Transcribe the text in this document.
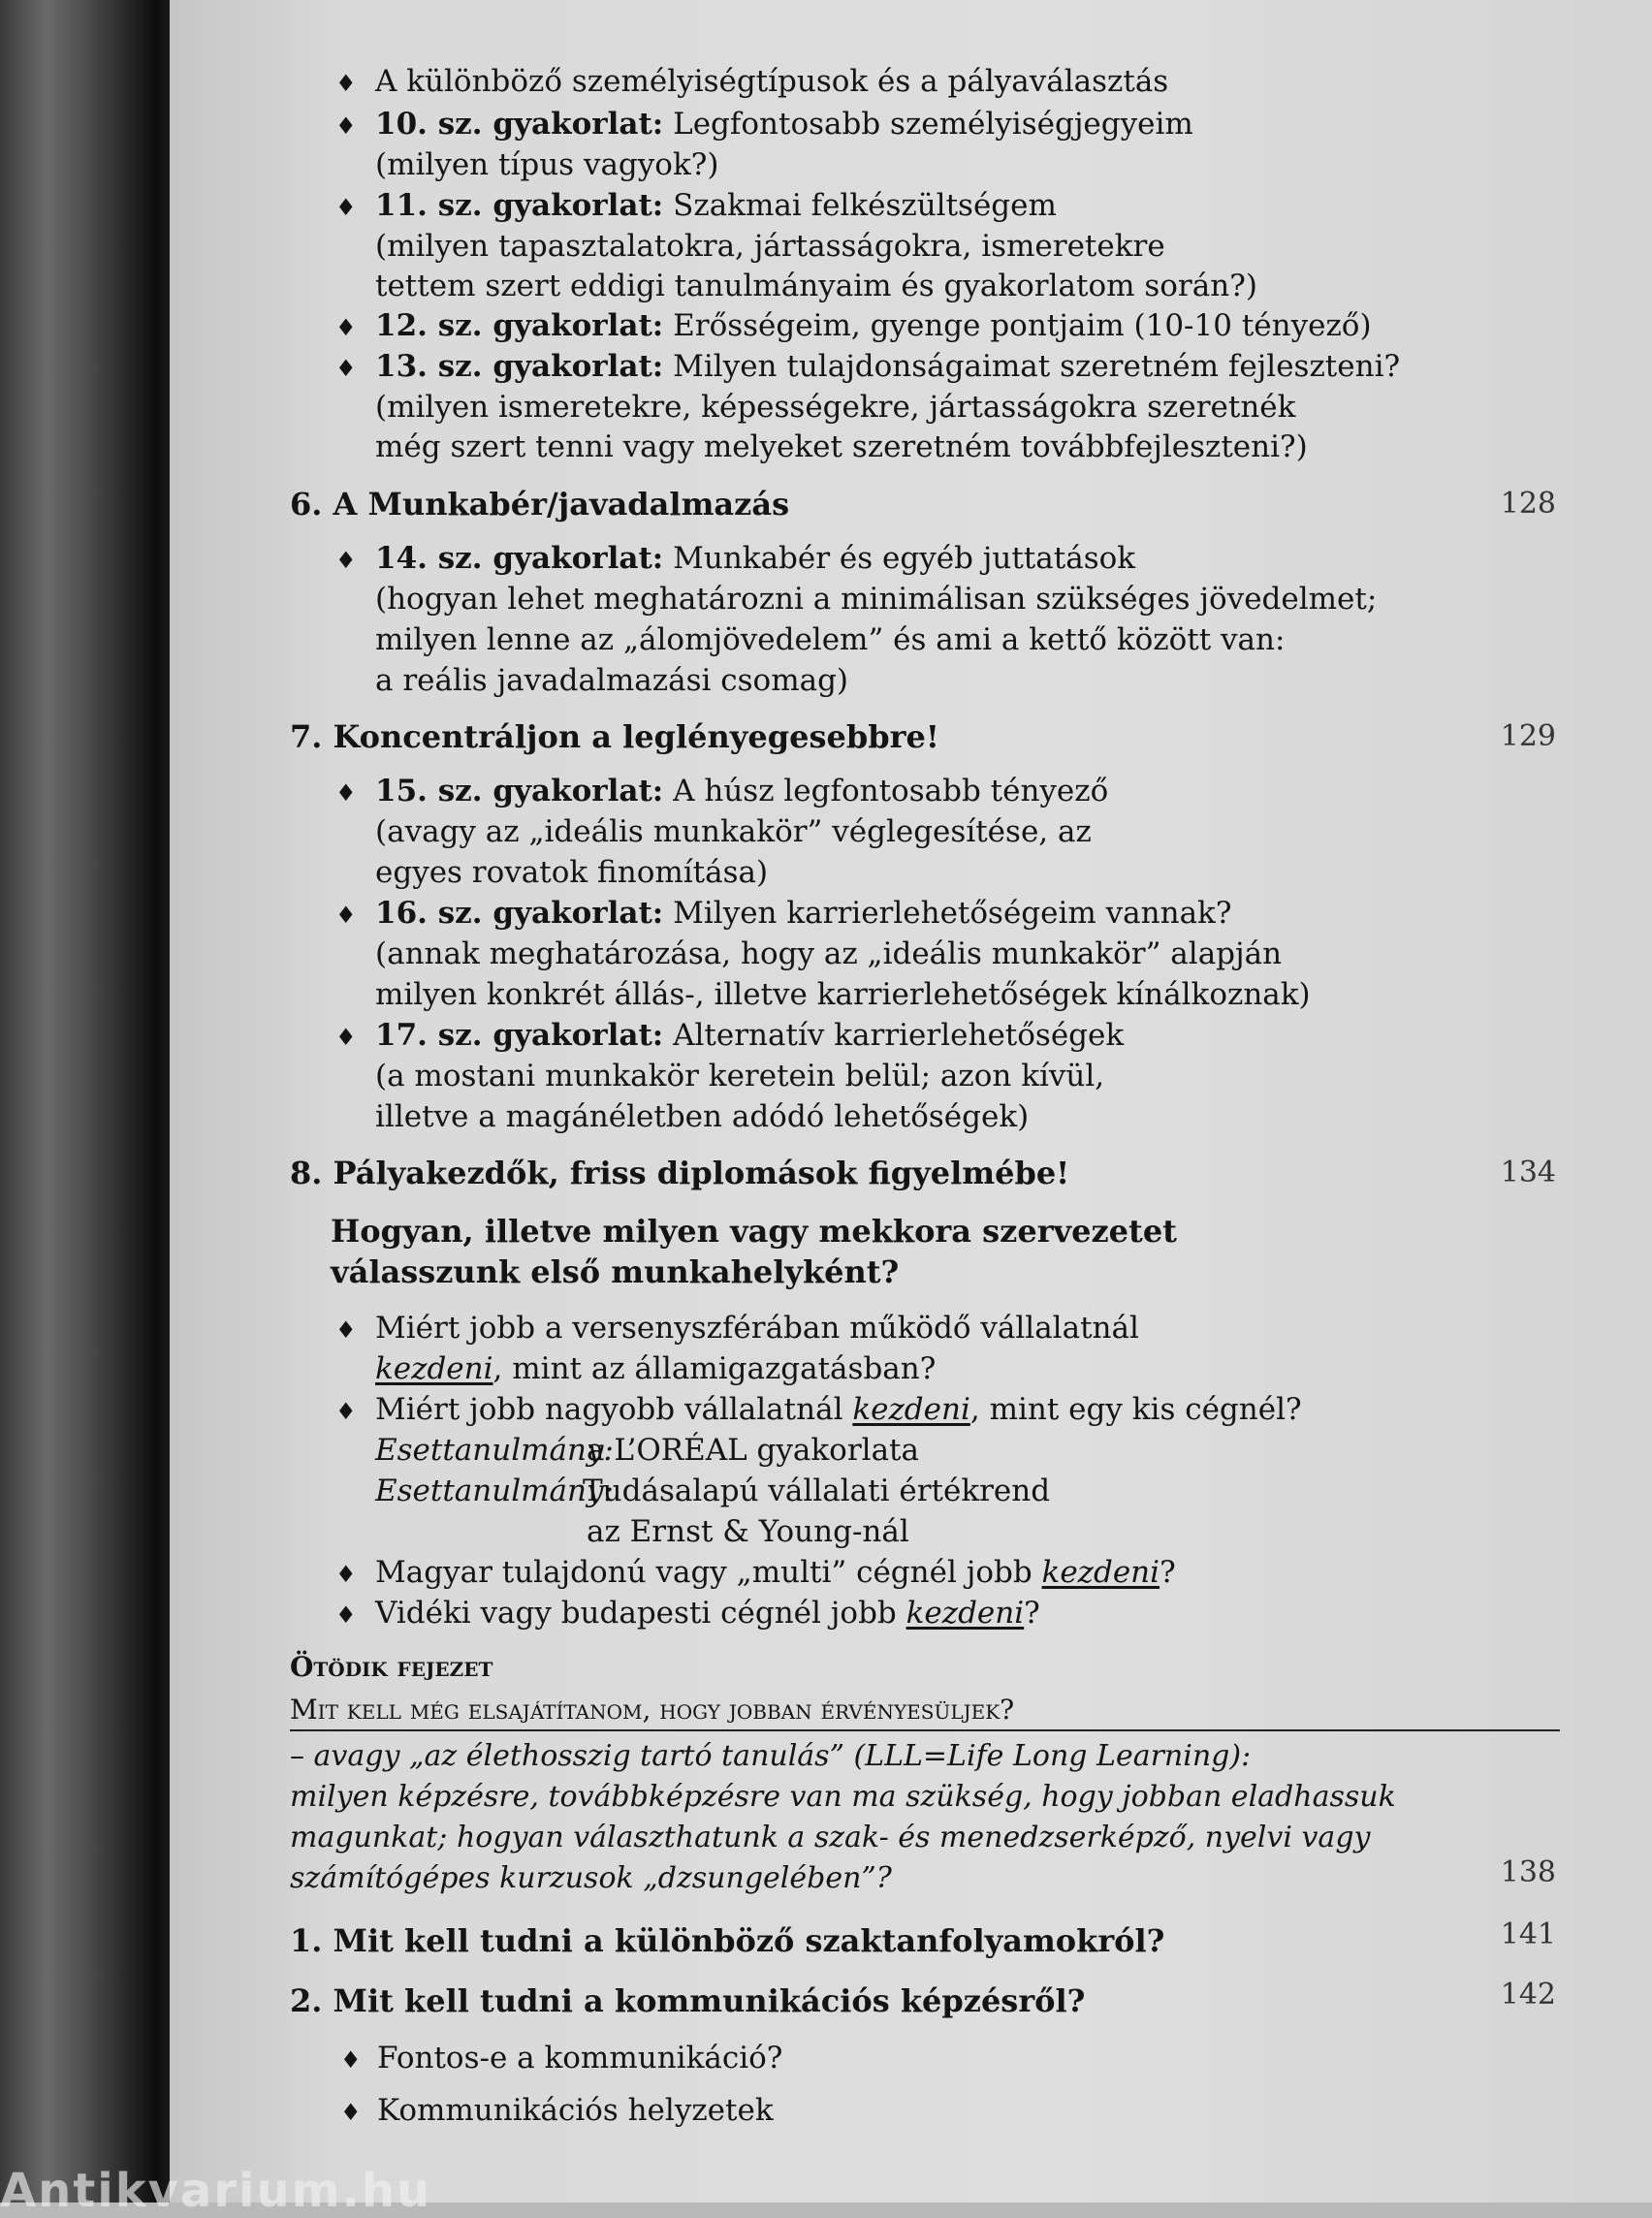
♦ A különböző személyiségtípusok és a pályaválasztás
♦ 10. sz. gyakorlat: Legfontosabb személyiségjegyeim
(milyen típus vagyok?)
♦ 11. sz. gyakorlat: Szakmai felkészültségem
(milyen tapasztalatokra, jártasságokra, ismeretekre
tettem szert eddigi tanulmányaim és gyakorlatom során?)
♦ 12. sz. gyakorlat: Erősségeim, gyenge pontjaim (10-10 tényező)
♦ 13. sz. gyakorlat: Milyen tulajdonságaimat szeretném fejleszteni?
(milyen ismeretekre, képességekre, jártasságokra szeretnék
még szert tenni vagy melyeket szeretném továbbfejleszteni?)
6. A Munkabér/javadalmazás	128
♦ 14. sz. gyakorlat: Munkabér és egyéb juttatások
(hogyan lehet meghatározni a minimálisan szükséges jövedelmet;
milyen lenne az „álomjövedelem” és ami a kettő között van:
a reális javadalmazási csomag)
7. Koncentráljon a leglényegesebbre!	129
♦ 15. sz. gyakorlat: A húsz legfontosabb tényező
(avagy az „ideális munkakör” véglegesítése, az
egyes rovatok finomítása)
♦ 16. sz. gyakorlat: Milyen karrierlehetőségeim vannak?
(annak meghatározása, hogy az „ideális munkakör” alapján
milyen konkrét állás-, illetve karrierlehetőségek kínálkoznak)
♦ 17. sz. gyakorlat: Alternatív karrierlehetőségek
(a mostani munkakör keretein belül; azon kívül,
illetve a magánéletben adódó lehetőségek)
8. Pályakezdők, friss diplomások figyelmébe!	134
Hogyan, illetve milyen vagy mekkora szervezetet
válasszunk első munkahelyként?
♦ Miért jobb a versenyszférában működő vállalatnál
kezdeni, mint az államigazgatásban?
♦ Miért jobb nagyobb vállalatnál kezdeni, mint egy kis cégnél?
Esettanulmány:
a L’ORÉAL gyakorlata
Esettanulmány:
Tudásalapú vállalati értékrend
az Ernst & Young-nál
♦ Magyar tulajdonú vagy „multi” cégnél jobb kezdeni?
♦ Vidéki vagy budapesti cégnél jobb kezdeni?
Ötödik fejezet
Mit kell még elsajátítanom, hogy jobban érvényesüljek?
– avagy „az élethosszig tartó tanulás” (LLL=Life Long Learning):
milyen képzésre, továbbképzésre van ma szükség, hogy jobban eladhassuk
magunkat; hogyan választhatunk a szak- és menedzserképző, nyelvi vagy
számítógépes kurzusok „dzsungelében”?	138
1. Mit kell tudni a különböző szaktanfolyamokról?	141
2. Mit kell tudni a kommunikációs képzésről?	142
♦ Fontos-e a kommunikáció?
♦ Kommunikációs helyzetek
Antikvarium.hu
